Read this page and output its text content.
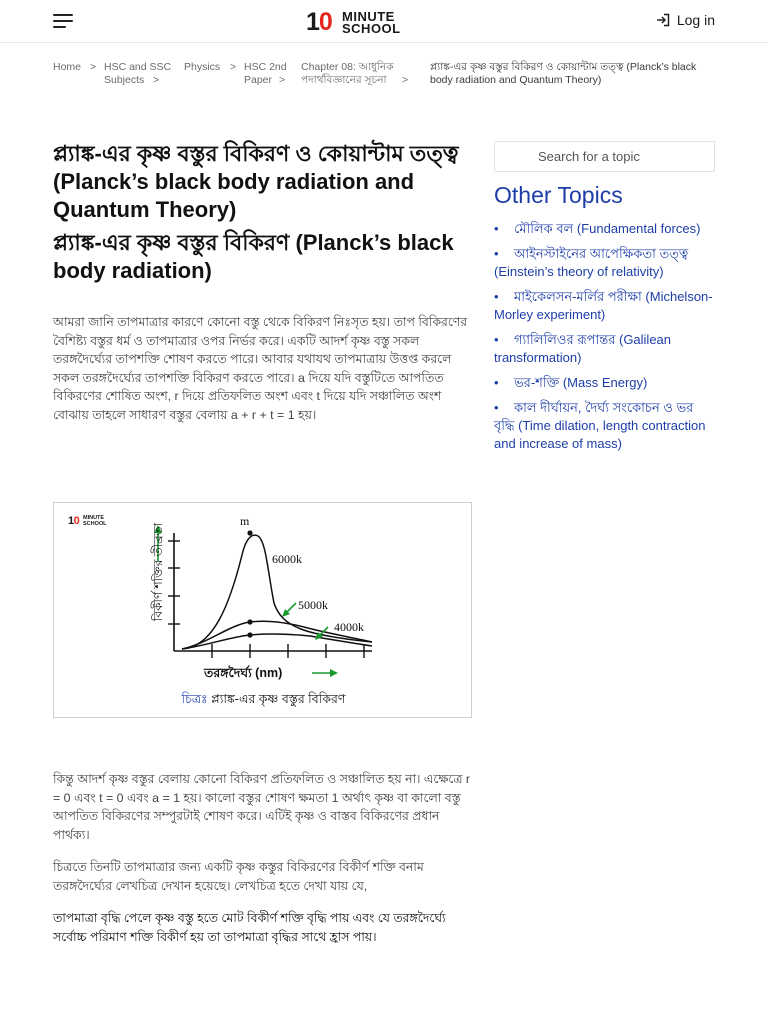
10 MINUTE
SCHOOL
Log in
Home > HSC and SSC Subjects >
Physics > HSC 2nd Paper >
Chapter 08: আধুনিক পদার্থবিজ্ঞানের সূচনা	>
প্ল্যাঙ্ক-এর কৃষ্ণ বস্তুর বিকিরণ ও কোয়ান্টাম তত্ত্ব (Planck’s black body radiation and Quantum Theory)
প্ল্যাঙ্ক-এর কৃষ্ণ বস্তুর বিকিরণ ও কোয়ান্টাম তত্ত্ব (Planck’s black body radiation and Quantum Theory)
প্ল্যাঙ্ক-এর কৃষ্ণ বস্তুর বিকিরণ (Planck’s black body radiation)

আমরা জানি তাপমাত্রার কারণে কোনো বস্তু থেকে বিকিরণ নিঃসৃত হয়। তাপ বিকিরণের বৈশিষ্ট্য বস্তুর ধর্ম ও তাপমাত্রার ওপর নির্ভর করে। একটি আদর্শ কৃষ্ণ বস্তু সকল তরঙ্গদৈর্ঘ্যের তাপশক্তি শোষণ করতে পারে। আবার যথাযথ তাপমাত্রায় উত্তপ্ত করলে সকল তরঙ্গদৈর্ঘ্যের তাপশক্তি বিকিরণ করতে পারে। a দিয়ে যদি বস্তুটিতে আপতিত বিকিরণের শোষিত অংশ, r দিয়ে প্রতিফলিত অংশ এবং t দিয়ে যদি সঞ্চালিত অংশ বোঝায় তাহলে সাধারণ বস্তুর বেলায় a + r + t = 1 হয়।

10 MINUTE
SCHOOL	বিকীর্ণ শক্তির তীব্রতা
m
6000k
5000k
4000k
তরঙ্গদৈর্ঘ্য (nm)
চিত্রঃ প্ল্যাঙ্ক-এর কৃষ্ণ বস্তুর বিকিরণ

কিন্তু আদর্শ কৃষ্ণ বস্তুর বেলায় কোনো বিকিরণ প্রতিফলিত ও সঞ্চালিত হয় না। এক্ষেত্রে r = 0 এবং t = 0 এবং a = 1 হয়। কালো বস্তুর শোষণ ক্ষমতা 1 অর্থাৎ কৃষ্ণ বা কালো বস্তু আপতিত বিকিরণের সম্পুরটাই শোষণ করে। এটিই কৃষ্ণ ও বাস্তব বিকিরণের প্রধান পার্থক্য।

চিত্রতে তিনটি তাপমাত্রার জন্য একটি কৃষ্ণ কস্তুর বিকিরণের বিকীর্ণ শক্তি বনাম তরঙ্গদৈর্ঘ্যের লেখচিত্র দেখান হয়েছে। লেখচিত্র হতে দেখা যায় যে,

তাপমাত্রা বৃদ্ধি পেলে কৃষ্ণ বস্তু হতে মোট বিকীর্ণ শক্তি বৃদ্ধি পায় এবং যে তরঙ্গদৈর্ঘ্যে সর্বোচ্চ পরিমাণ শক্তি বিকীর্ণ হয় তা তাপমাত্রা বৃদ্ধির সাথে হ্রাস পায়।

Search for a topic
Other Topics
• মৌলিক বল (Fundamental forces)
• আইনস্টাইনের আপেক্ষিকতা তত্ত্ব (Einstein’s theory of relativity)
• মাইকেলসন-মর্লির পরীক্ষা (Michelson-Morley experiment)
• গ্যালিলিওর রূপান্তর (Galilean transformation)
• ভর-শক্তি (Mass Energy)
• কাল দীর্ঘায়ন, দৈর্ঘ্য সংকোচন ও ভর বৃদ্ধি (Time dilation, length contraction and increase of mass)
